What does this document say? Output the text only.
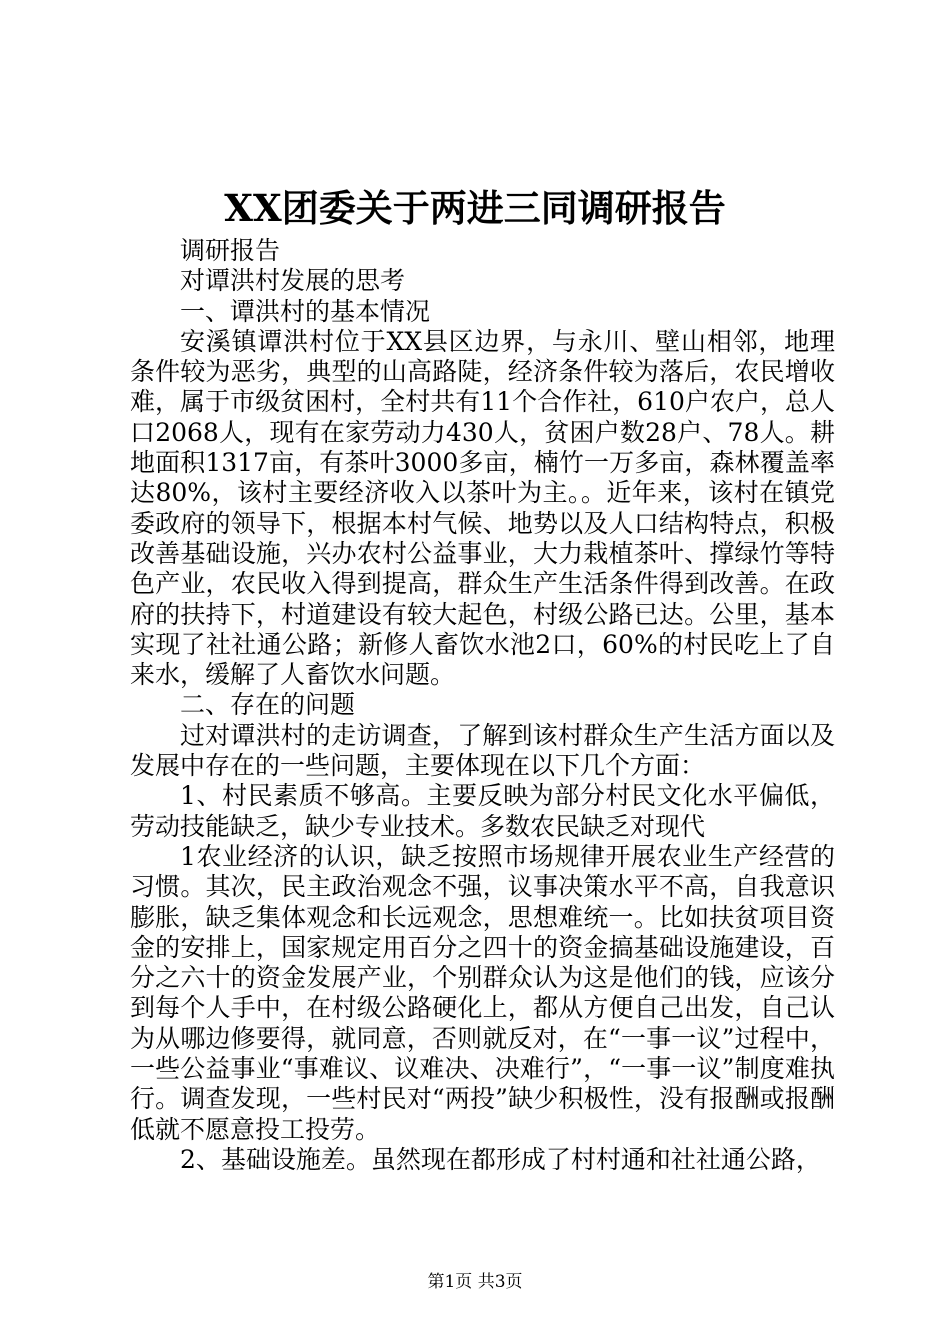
XX团委关于两进三同调研报告

调研报告

对谭洪村发展的思考

一、谭洪村的基本情况

安溪镇谭洪村位于XX县区边界，与永川、壁山相邻，地理条件较为恶劣，典型的山高路陡，经济条件较为落后，农民增收难，属于市级贫困村，全村共有11个合作社，610户农户，总人口2068人，现有在家劳动力430人，贫困户数28户、78人。耕地面积1317亩，有茶叶3000多亩，楠竹一万多亩，森林覆盖率达80%，该村主要经济收入以茶叶为主。。近年来，该村在镇党委政府的领导下，根据本村气候、地势以及人口结构特点，积极改善基础设施，兴办农村公益事业，大力栽植茶叶、撑绿竹等特色产业，农民收入得到提高，群众生产生活条件得到改善。在政府的扶持下，村道建设有较大起色，村级公路已达。公里，基本实现了社社通公路；新修人畜饮水池2口，60%的村民吃上了自来水，缓解了人畜饮水问题。

二、存在的问题

过对谭洪村的走访调查，了解到该村群众生产生活方面以及发展中存在的一些问题，主要体现在以下几个方面：

1、村民素质不够高。主要反映为部分村民文化水平偏低，劳动技能缺乏，缺少专业技术。多数农民缺乏对现代

1农业经济的认识，缺乏按照市场规律开展农业生产经营的习惯。其次，民主政治观念不强，议事决策水平不高，自我意识膨胀，缺乏集体观念和长远观念，思想难统一。比如扶贫项目资金的安排上，国家规定用百分之四十的资金搞基础设施建设，百分之六十的资金发展产业，个别群众认为这是他们的钱，应该分到每个人手中，在村级公路硬化上，都从方便自己出发，自己认为从哪边修要得，就同意，否则就反对，在“一事一议”过程中，一些公益事业“事难议、议难决、决难行”，“一事一议”制度难执行。调查发现，一些村民对“两投”缺少积极性，没有报酬或报酬低就不愿意投工投劳。

2、基础设施差。虽然现在都形成了村村通和社社通公路，

第1页 共3页
